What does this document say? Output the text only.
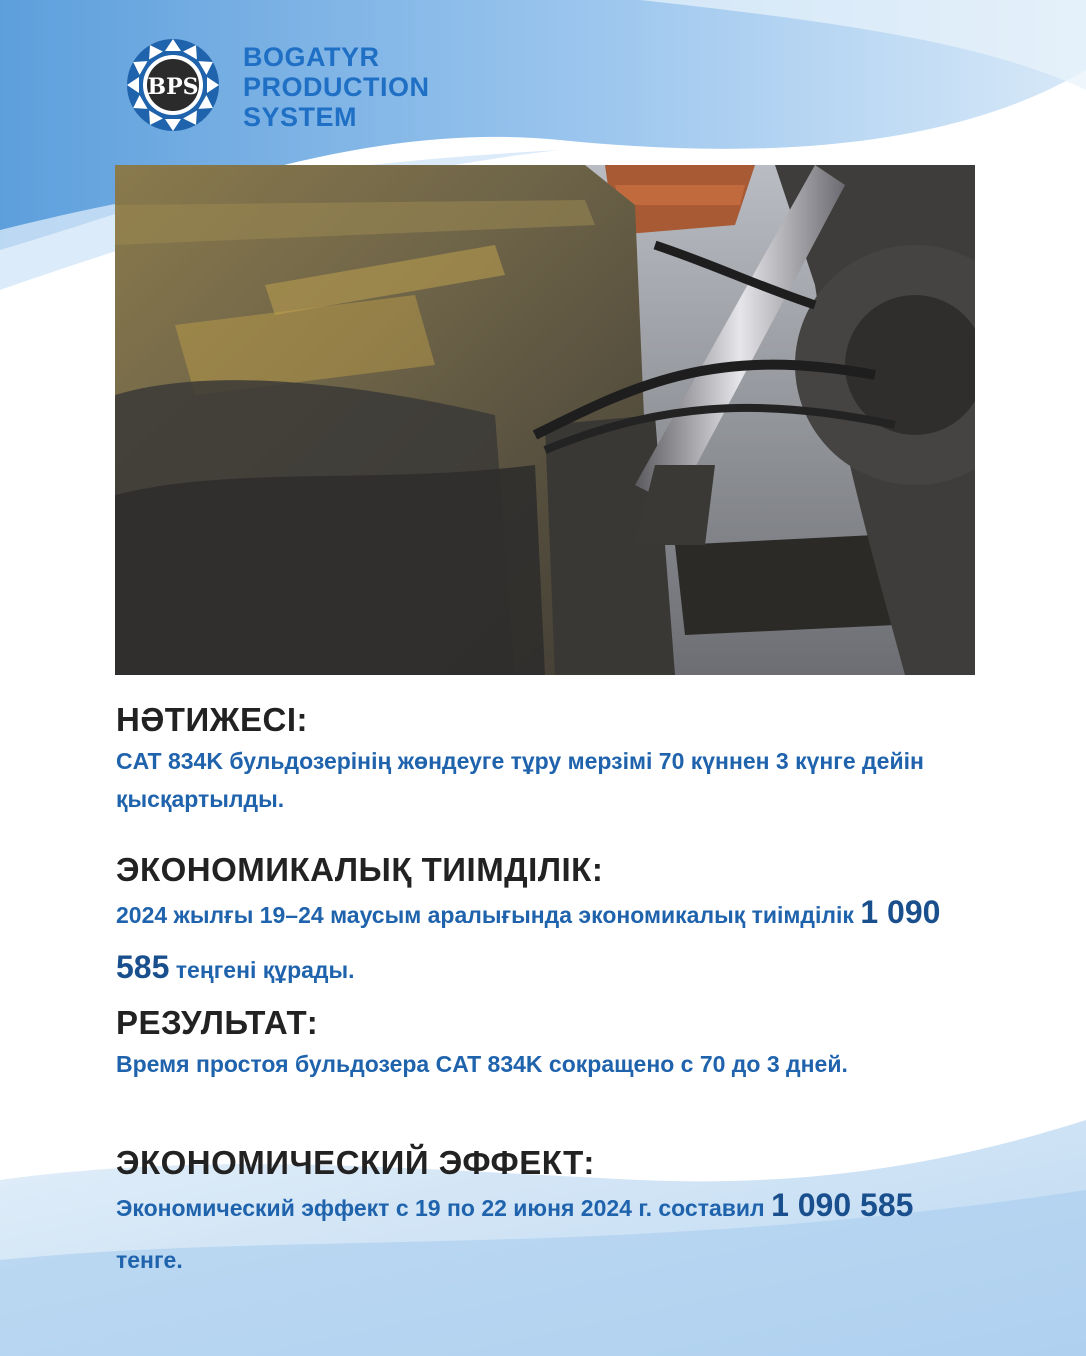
BPS
BOGATYR
PRODUCTION
SYSTEM
НӘТИЖЕСІ:
CAT 834K бульдозерінің жөндеуге тұру мерзімі 70 күннен 3 күнге дейін қысқартылды.
ЭКОНОМИКАЛЫҚ ТИІМДІЛІК:
2024 жылғы 19–24 маусым аралығында экономикалық тиімділік 1 090 585 теңгені құрады.
РЕЗУЛЬТАТ:
Время простоя бульдозера CAT 834K сокращено с 70 до 3 дней.
ЭКОНОМИЧЕСКИЙ ЭФФЕКТ:
Экономический эффект с 19 по 22 июня 2024 г. составил 1 090 585 тенге.
